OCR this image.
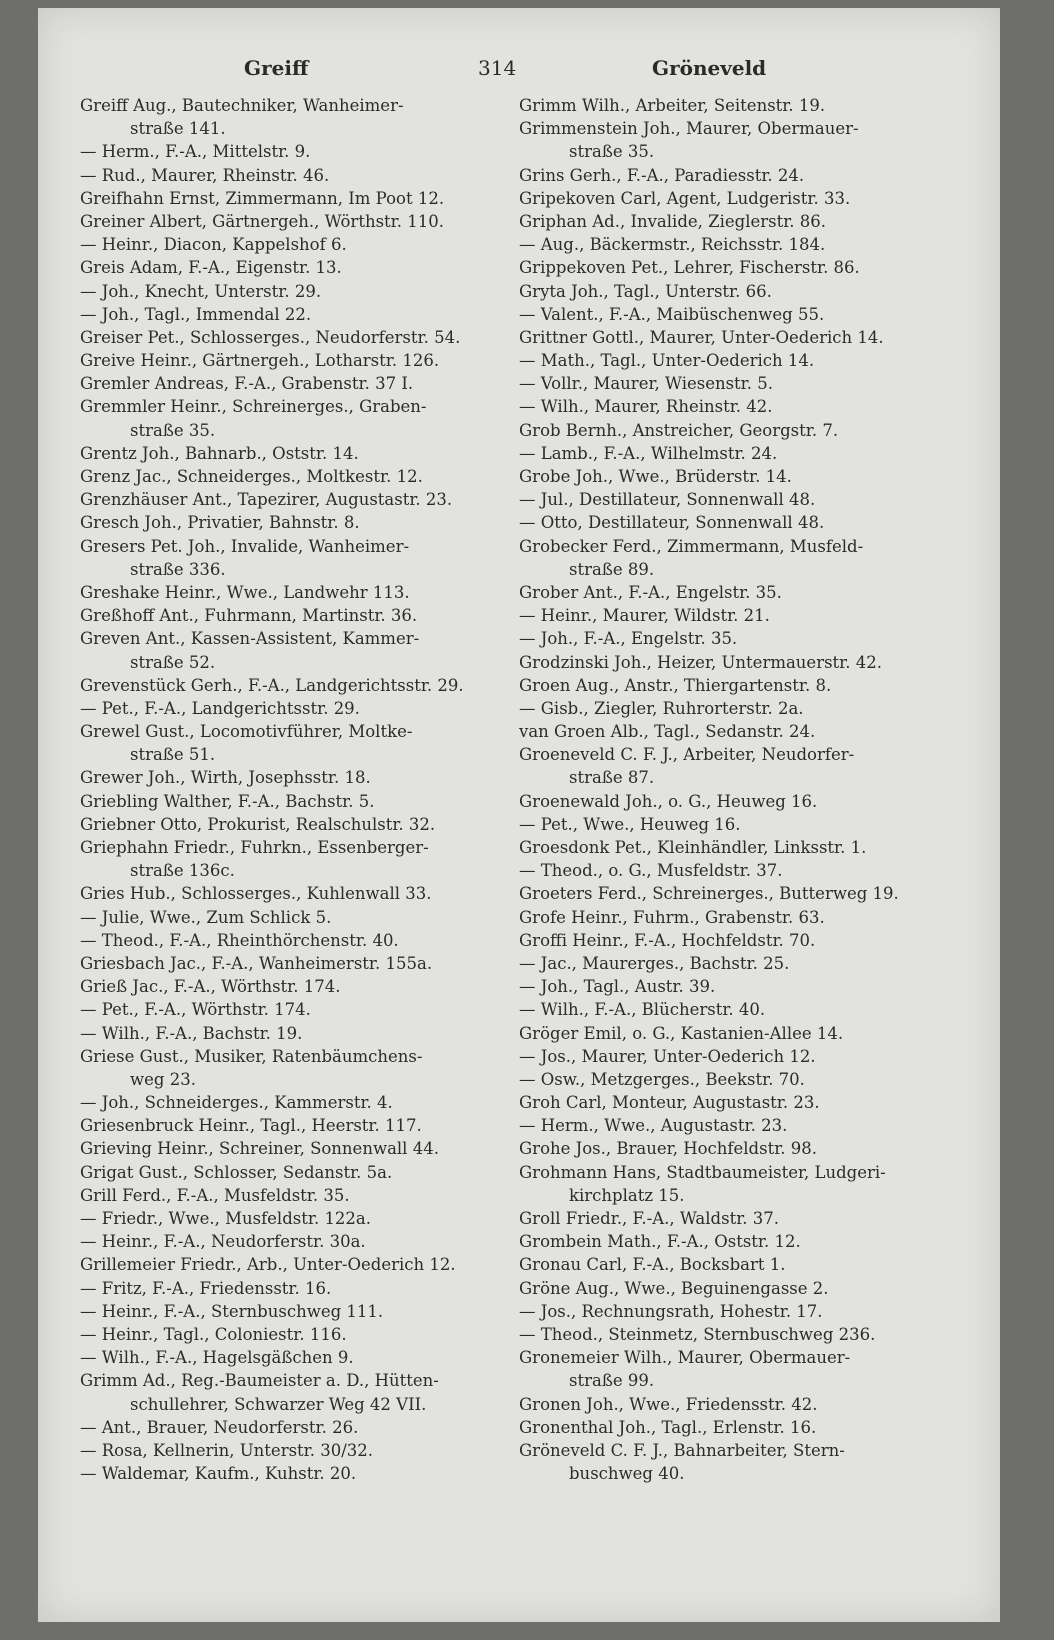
Greiff	314	Gröneveld
Greiff Aug., Bautechniker, Wanheimer-
straße 141.
— Herm., F.-A., Mittelstr. 9.
— Rud., Maurer, Rheinstr. 46.
Greifhahn Ernst, Zimmermann, Im Poot 12.
Greiner Albert, Gärtnergeh., Wörthstr. 110.
— Heinr., Diacon, Kappelshof 6.
Greis Adam, F.-A., Eigenstr. 13.
— Joh., Knecht, Unterstr. 29.
— Joh., Tagl., Immendal 22.
Greiser Pet., Schlosserges., Neudorferstr. 54.
Greive Heinr., Gärtnergeh., Lotharstr. 126.
Gremler Andreas, F.-A., Grabenstr. 37 I.
Gremmler Heinr., Schreinerges., Graben-
straße 35.
Grentz Joh., Bahnarb., Oststr. 14.
Grenz Jac., Schneiderges., Moltkestr. 12.
Grenzhäuser Ant., Tapezirer, Augustastr. 23.
Gresch Joh., Privatier, Bahnstr. 8.
Gresers Pet. Joh., Invalide, Wanheimer-
straße 336.
Greshake Heinr., Wwe., Landwehr 113.
Greßhoff Ant., Fuhrmann, Martinstr. 36.
Greven Ant., Kassen-Assistent, Kammer-
straße 52.
Grevenstück Gerh., F.-A., Landgerichtsstr. 29.
— Pet., F.-A., Landgerichtsstr. 29.
Grewel Gust., Locomotivführer, Moltke-
straße 51.
Grewer Joh., Wirth, Josephsstr. 18.
Griebling Walther, F.-A., Bachstr. 5.
Griebner Otto, Prokurist, Realschulstr. 32.
Griephahn Friedr., Fuhrkn., Essenberger-
straße 136c.
Gries Hub., Schlosserges., Kuhlenwall 33.
— Julie, Wwe., Zum Schlick 5.
— Theod., F.-A., Rheinthörchenstr. 40.
Griesbach Jac., F.-A., Wanheimerstr. 155a.
Grieß Jac., F.-A., Wörthstr. 174.
— Pet., F.-A., Wörthstr. 174.
— Wilh., F.-A., Bachstr. 19.
Griese Gust., Musiker, Ratenbäumchens-
weg 23.
— Joh., Schneiderges., Kammerstr. 4.
Griesenbruck Heinr., Tagl., Heerstr. 117.
Grieving Heinr., Schreiner, Sonnenwall 44.
Grigat Gust., Schlosser, Sedanstr. 5a.
Grill Ferd., F.-A., Musfeldstr. 35.
— Friedr., Wwe., Musfeldstr. 122a.
— Heinr., F.-A., Neudorferstr. 30a.
Grillemeier Friedr., Arb., Unter-Oederich 12.
— Fritz, F.-A., Friedensstr. 16.
— Heinr., F.-A., Sternbuschweg 111.
— Heinr., Tagl., Coloniestr. 116.
— Wilh., F.-A., Hagelsgäßchen 9.
Grimm Ad., Reg.-Baumeister a. D., Hütten-
schullehrer, Schwarzer Weg 42 VII.
— Ant., Brauer, Neudorferstr. 26.
— Rosa, Kellnerin, Unterstr. 30/32.
— Waldemar, Kaufm., Kuhstr. 20.
Grimm Wilh., Arbeiter, Seitenstr. 19.
Grimmenstein Joh., Maurer, Obermauer-
straße 35.
Grins Gerh., F.-A., Paradiesstr. 24.
Gripekoven Carl, Agent, Ludgeristr. 33.
Griphan Ad., Invalide, Zieglerstr. 86.
— Aug., Bäckermstr., Reichsstr. 184.
Grippekoven Pet., Lehrer, Fischerstr. 86.
Gryta Joh., Tagl., Unterstr. 66.
— Valent., F.-A., Maibüschenweg 55.
Grittner Gottl., Maurer, Unter-Oederich 14.
— Math., Tagl., Unter-Oederich 14.
— Vollr., Maurer, Wiesenstr. 5.
— Wilh., Maurer, Rheinstr. 42.
Grob Bernh., Anstreicher, Georgstr. 7.
— Lamb., F.-A., Wilhelmstr. 24.
Grobe Joh., Wwe., Brüderstr. 14.
— Jul., Destillateur, Sonnenwall 48.
— Otto, Destillateur, Sonnenwall 48.
Grobecker Ferd., Zimmermann, Musfeld-
straße 89.
Grober Ant., F.-A., Engelstr. 35.
— Heinr., Maurer, Wildstr. 21.
— Joh., F.-A., Engelstr. 35.
Grodzinski Joh., Heizer, Untermauerstr. 42.
Groen Aug., Anstr., Thiergartenstr. 8.
— Gisb., Ziegler, Ruhrorterstr. 2a.
van Groen Alb., Tagl., Sedanstr. 24.
Groeneveld C. F. J., Arbeiter, Neudorfer-
straße 87.
Groenewald Joh., o. G., Heuweg 16.
— Pet., Wwe., Heuweg 16.
Groesdonk Pet., Kleinhändler, Linksstr. 1.
— Theod., o. G., Musfeldstr. 37.
Groeters Ferd., Schreinerges., Butterweg 19.
Grofe Heinr., Fuhrm., Grabenstr. 63.
Groffi Heinr., F.-A., Hochfeldstr. 70.
— Jac., Maurerges., Bachstr. 25.
— Joh., Tagl., Austr. 39.
— Wilh., F.-A., Blücherstr. 40.
Gröger Emil, o. G., Kastanien-Allee 14.
— Jos., Maurer, Unter-Oederich 12.
— Osw., Metzgerges., Beekstr. 70.
Groh Carl, Monteur, Augustastr. 23.
— Herm., Wwe., Augustastr. 23.
Grohe Jos., Brauer, Hochfeldstr. 98.
Grohmann Hans, Stadtbaumeister, Ludgeri-
kirchplatz 15.
Groll Friedr., F.-A., Waldstr. 37.
Grombein Math., F.-A., Oststr. 12.
Gronau Carl, F.-A., Bocksbart 1.
Gröne Aug., Wwe., Beguinengasse 2.
— Jos., Rechnungsrath, Hohestr. 17.
— Theod., Steinmetz, Sternbuschweg 236.
Gronemeier Wilh., Maurer, Obermauer-
straße 99.
Gronen Joh., Wwe., Friedensstr. 42.
Gronenthal Joh., Tagl., Erlenstr. 16.
Gröneveld C. F. J., Bahnarbeiter, Stern-
buschweg 40.
